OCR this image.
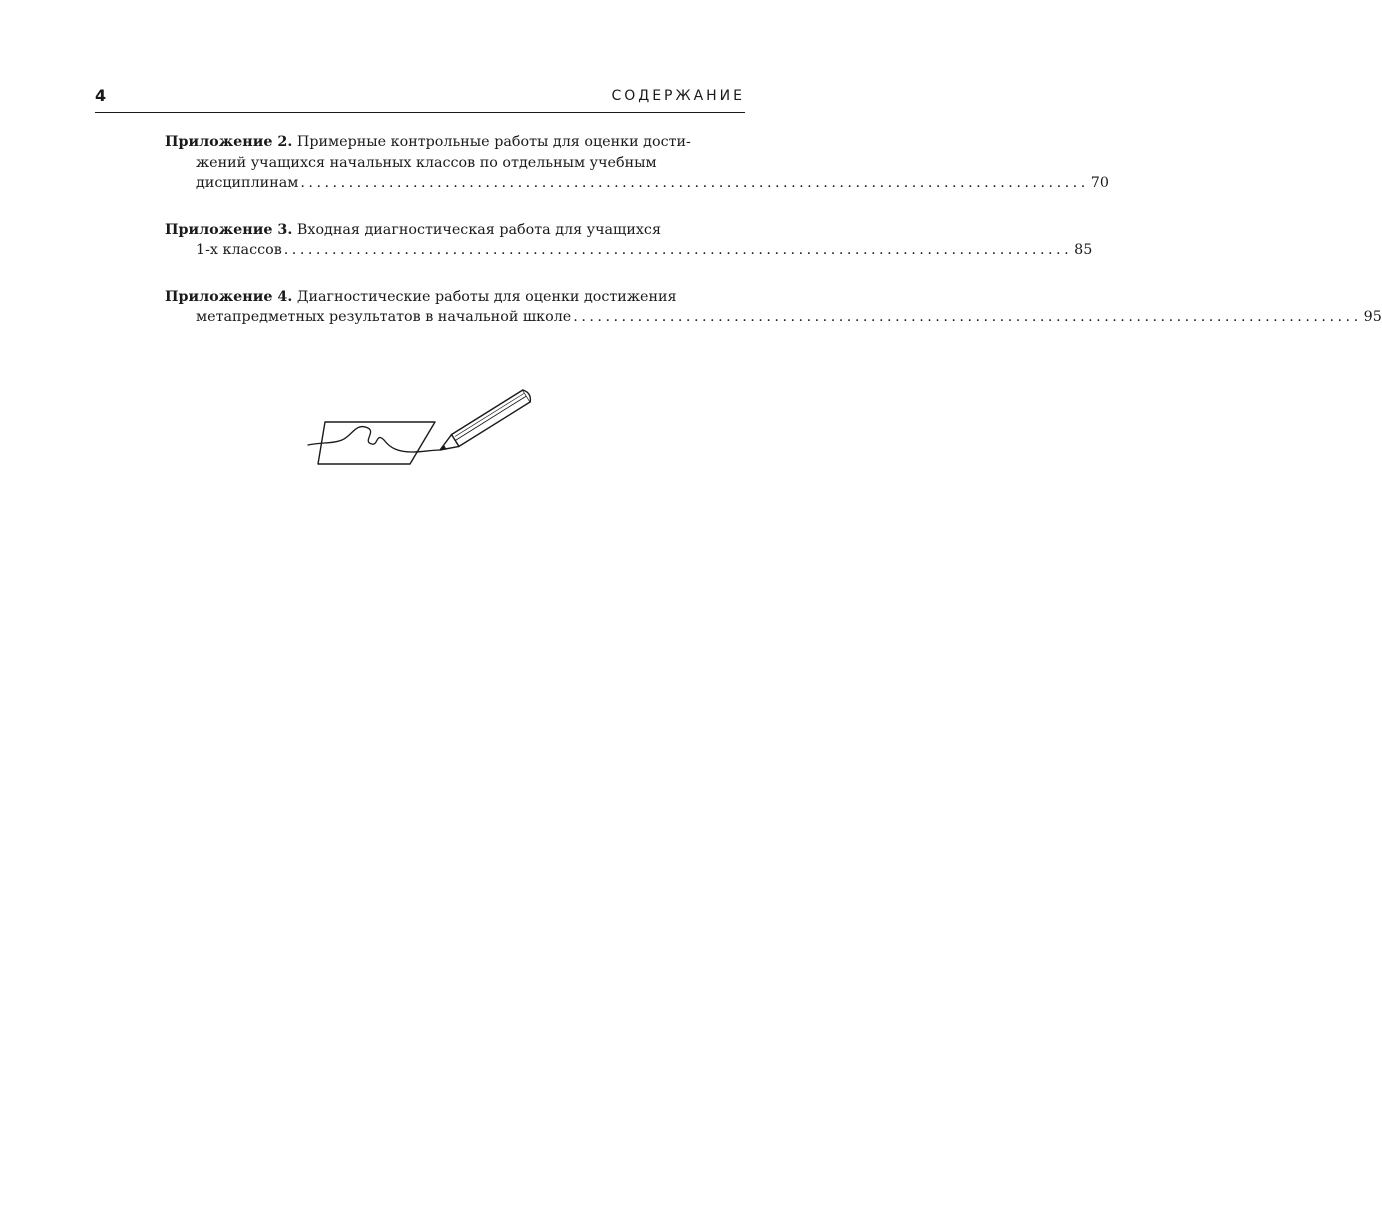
4	СОДЕРЖАНИЕ
Приложение 2. Примерные контрольные работы для оценки дости-
жений учащихся начальных классов по отдельным учебным
дисциплинам .................................................................................................. 70
Приложение 3. Входная диагностическая работа для учащихся
1-х классов .................................................................................................. 85
Приложение 4. Диагностические работы для оценки достижения
метапредметных результатов в начальной школе .................................................................................................. 95
